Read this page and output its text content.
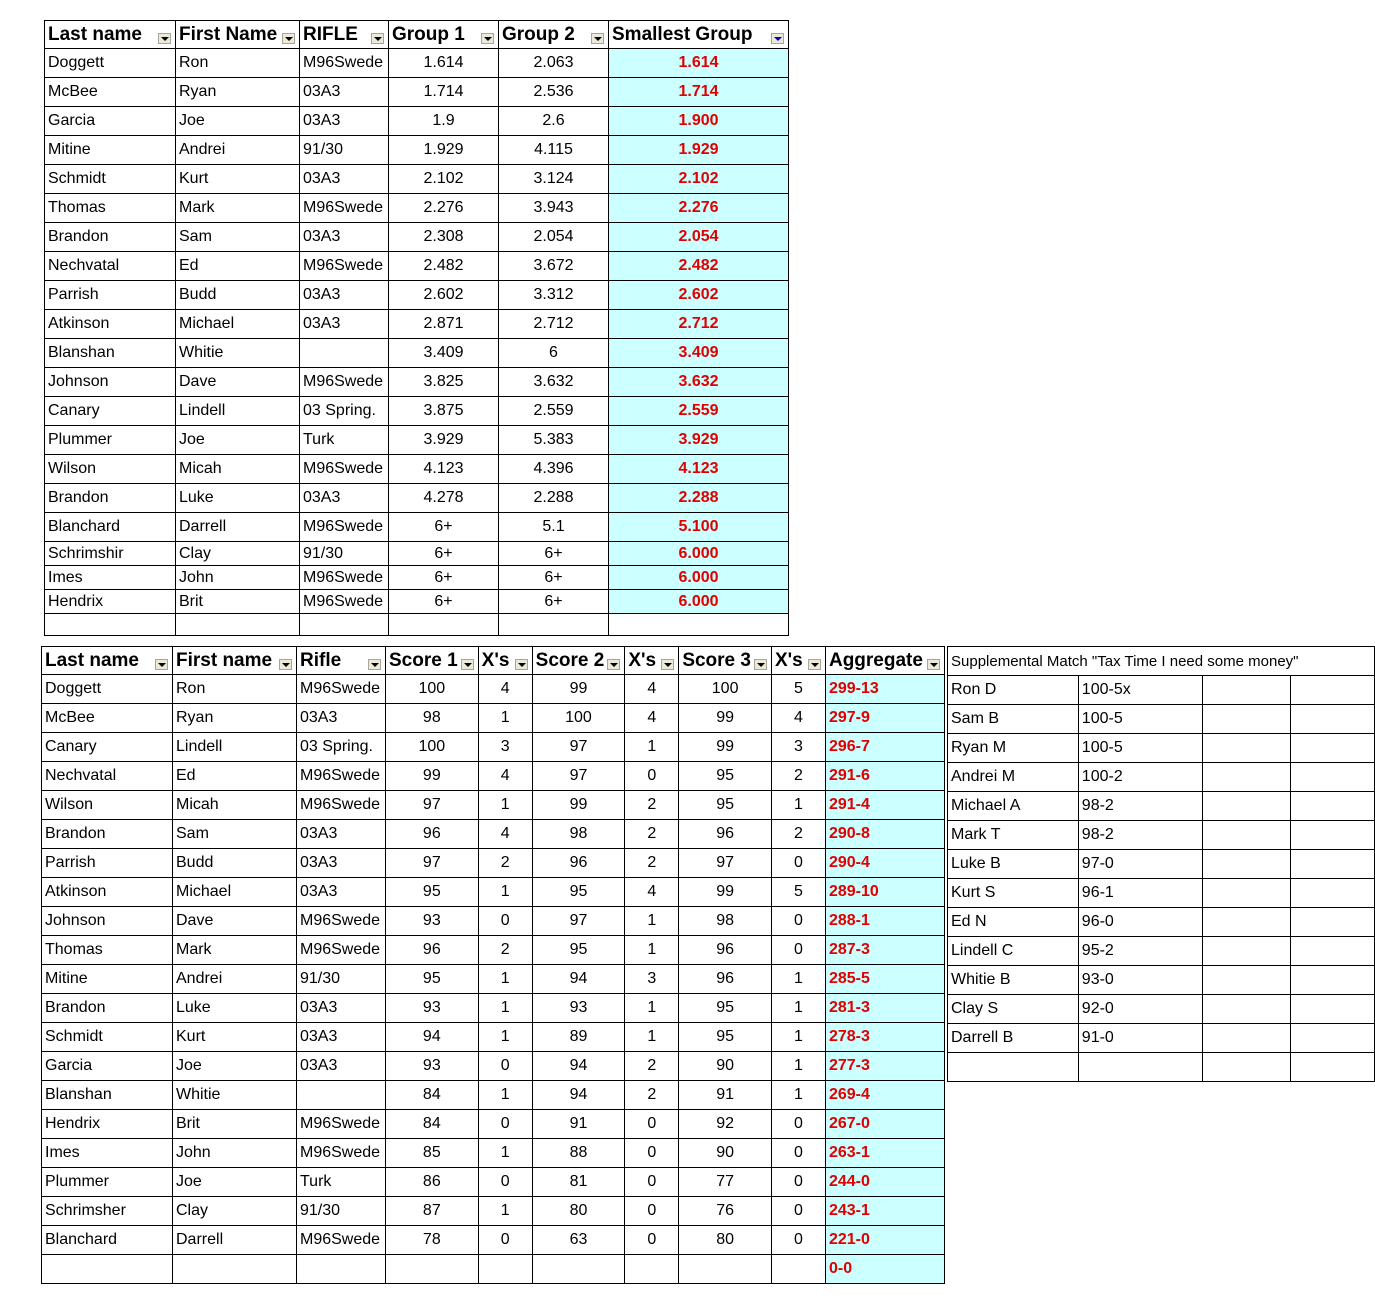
Last name	First Name	RIFLE	Group 1	Group 2	Smallest Group

Doggett	Ron	M96Swede	1.614	2.063	1.614
McBee	Ryan	03A3	1.714	2.536	1.714
Garcia	Joe	03A3	1.9	2.6	1.900
Mitine	Andrei	91/30	1.929	4.115	1.929
Schmidt	Kurt	03A3	2.102	3.124	2.102
Thomas	Mark	M96Swede	2.276	3.943	2.276
Brandon	Sam	03A3	2.308	2.054	2.054
Nechvatal	Ed	M96Swede	2.482	3.672	2.482
Parrish	Budd	03A3	2.602	3.312	2.602
Atkinson	Michael	03A3	2.871	2.712	2.712
Blanshan	Whitie		3.409	6	3.409
Johnson	Dave	M96Swede	3.825	3.632	3.632
Canary	Lindell	03 Spring.	3.875	2.559	2.559
Plummer	Joe	Turk	3.929	5.383	3.929
Wilson	Micah	M96Swede	4.123	4.396	4.123
Brandon	Luke	03A3	4.278	2.288	2.288
Blanchard	Darrell	M96Swede	6+	5.1	5.100
Schrimshir	Clay	91/30	6+	6+	6.000
Imes	John	M96Swede	6+	6+	6.000
Hendrix	Brit	M96Swede	6+	6+	6.000

Last name	First name	Rifle	Score 1	X's	Score 2	X's	Score 3	X's	Aggregate

Doggett	Ron	M96Swede	100	4	99	4	100	5	299-13
McBee	Ryan	03A3	98	1	100	4	99	4	297-9
Canary	Lindell	03 Spring.	100	3	97	1	99	3	296-7
Nechvatal	Ed	M96Swede	99	4	97	0	95	2	291-6
Wilson	Micah	M96Swede	97	1	99	2	95	1	291-4
Brandon	Sam	03A3	96	4	98	2	96	2	290-8
Parrish	Budd	03A3	97	2	96	2	97	0	290-4
Atkinson	Michael	03A3	95	1	95	4	99	5	289-10
Johnson	Dave	M96Swede	93	0	97	1	98	0	288-1
Thomas	Mark	M96Swede	96	2	95	1	96	0	287-3
Mitine	Andrei	91/30	95	1	94	3	96	1	285-5
Brandon	Luke	03A3	93	1	93	1	95	1	281-3
Schmidt	Kurt	03A3	94	1	89	1	95	1	278-3
Garcia	Joe	03A3	93	0	94	2	90	1	277-3
Blanshan	Whitie		84	1	94	2	91	1	269-4
Hendrix	Brit	M96Swede	84	0	91	0	92	0	267-0
Imes	John	M96Swede	85	1	88	0	90	0	263-1
Plummer	Joe	Turk	86	0	81	0	77	0	244-0
Schrimsher	Clay	91/30	87	1	80	0	76	0	243-1
Blanchard	Darrell	M96Swede	78	0	63	0	80	0	221-0
									0-0
Supplemental Match "Tax Time I need some money"			
Ron D	100-5x		
Sam B	100-5		
Ryan M	100-5		
Andrei M	100-2		
Michael A	98-2		
Mark T	98-2		
Luke B	97-0		
Kurt S	96-1		
Ed N	96-0		
Lindell C	95-2		
Whitie B	93-0		
Clay S	92-0		
Darrell B	91-0		
